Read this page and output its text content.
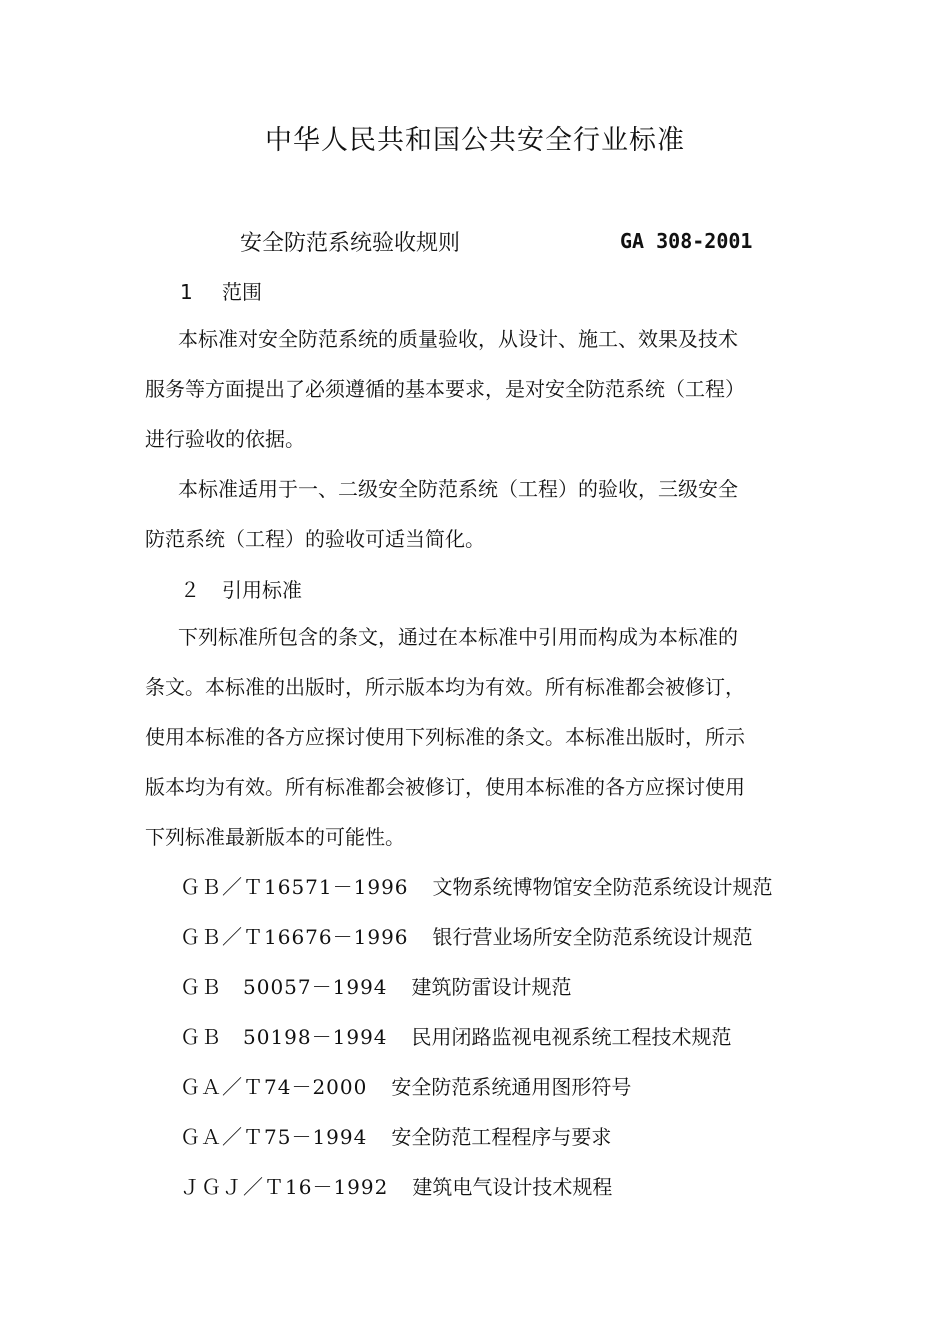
中华人民共和国公共安全行业标准
安全防范系统验收规则	GA 308-2001
1 范围

本标准对安全防范系统的质量验收，从设计、施工、效果及技术
服务等方面提出了必须遵循的基本要求，是对安全防范系统（工程）
进行验收的依据。

本标准适用于一、二级安全防范系统（工程）的验收，三级安全
防范系统（工程）的验收可适当简化。

２ 引用标准

下列标准所包含的条文，通过在本标准中引用而构成为本标准的
条文。本标准的出版时，所示版本均为有效。所有标准都会被修订，
使用本标准的各方应探讨使用下列标准的条文。本标准出版时，所示
版本均为有效。所有标准都会被修订，使用本标准的各方应探讨使用
下列标准最新版本的可能性。

ＧＢ／Ｔ16571－1996 文物系统博物馆安全防范系统设计规范
ＧＢ／Ｔ16676－1996 银行营业场所安全防范系统设计规范
ＧＢ　50057－1994 建筑防雷设计规范
ＧＢ　50198－1994 民用闭路监视电视系统工程技术规范
ＧＡ／Ｔ74－2000 安全防范系统通用图形符号
ＧＡ／Ｔ75－1994 安全防范工程程序与要求
ＪＧＪ／Ｔ16－1992 建筑电气设计技术规程
